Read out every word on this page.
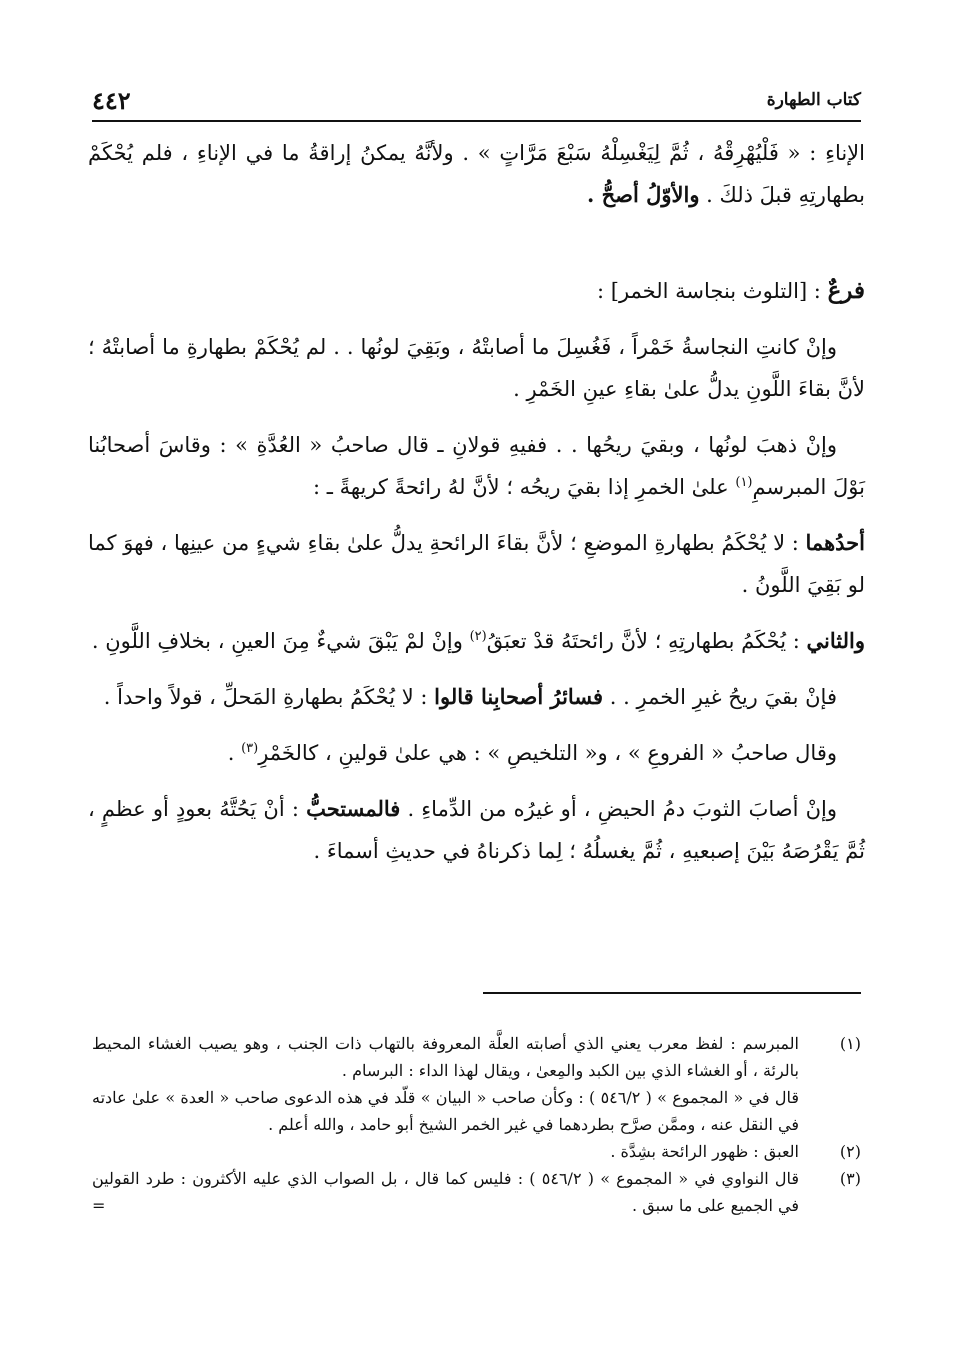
كتاب الطهارة
٤٤٢

الإناءِ : « فَلْيُهْرِقْهُ ، ثُمَّ لِيَغْسِلْهُ سَبْعَ مَرَّاتٍ » . ولأنَّهُ يمكنُ إراقةُ ما في الإناءِ ، فلم يُحْكَمْ بطهارتِهِ قبلَ ذلكَ . والأوّلُ أصحُّ .

فرعٌ : [التلوث بنجاسة الخمر] :

وإنْ كانتِ النجاسةُ خَمْراً ، فَغُسِلَ ما أصابتْهُ ، وبَقِيَ لونُها . . لم يُحْكَمْ بطهارةِ ما أصابتْهُ ؛ لأنَّ بقاءَ اللَّونِ يدلُّ علىٰ بقاءِ عينِ الخَمْرِ .

وإنْ ذهبَ لونُها ، وبقيَ ريحُها . . ففيهِ قولانِ ـ قال صاحبُ « العُدَّةِ » : وقاسَ أصحابُنا بَوْلَ المبرسمِ$^{(١)}$ علىٰ الخمرِ إذا بقيَ ريحُه ؛ لأنَّ لهُ رائحةً كريهةً ـ :

أحدُهما : لا يُحْكَمُ بطهارةِ الموضعِ ؛ لأنَّ بقاءَ الرائحةِ يدلُّ علىٰ بقاءِ شيءٍ من عينِها ، فهوَ كما لو بَقِيَ اللَّونُ .

والثاني : يُحْكَمُ بطهارتِهِ ؛ لأنَّ رائحتَهُ قدْ تعبَقُ$^{(٢)}$ وإنْ لمْ يَبْقَ شيءٌ مِنَ العينِ ، بخلافِ اللَّونِ .

فإنْ بقيَ ريحُ غيرِ الخمرِ . . فسائرُ أصحابِنا قالوا : لا يُحْكَمُ بطهارةِ المَحلِّ ، قولاً واحداً .

وقال صاحبُ « الفروعِ » ، و« التلخيصِ » : هي علىٰ قولينِ ، كالخَمْرِ$^{(٣)}$ .

وإنْ أصابَ الثوبَ دمُ الحيضِ ، أو غيرُه من الدِّماءِ . فالمستحبُّ : أنْ يَحُتَّهُ بعودٍ أو عظمٍ ، ثُمَّ يَقْرُصَهُ بَيْنَ إصبعيهِ ، ثُمَّ يغسلُهُ ؛ لِما ذكرناهُ في حديثِ أسماءَ .

(١)
المبرسم : لفظ معرب يعني الذي أصابته العلَّة المعروفة بالتهاب ذات الجنب ، وهو يصيب الغشاء المحيط بالرئة ، أو الغشاء الذي بين الكبد والمِعىٰ ، ويقال لهذا الداء : البرسام .
قال في « المجموع » ( ٥٤٦/٢ ) : وكأن صاحب « البيان » قلّد في هذه الدعوى صاحب « العدة » علىٰ عادته في النقل عنه ، وممَّن صرَّح بطردهما في غير الخمر الشيخ أبو حامد ، والله أعلم .
(٢)
العبق : ظهور الرائحة بشِدَّة .
(٣)
قال النواوي في « المجموع » ( ٥٤٦/٢ ) : فليس كما قال ، بل الصواب الذي عليه الأكثرون : طرد القولين في الجميع على ما سبق .
=
